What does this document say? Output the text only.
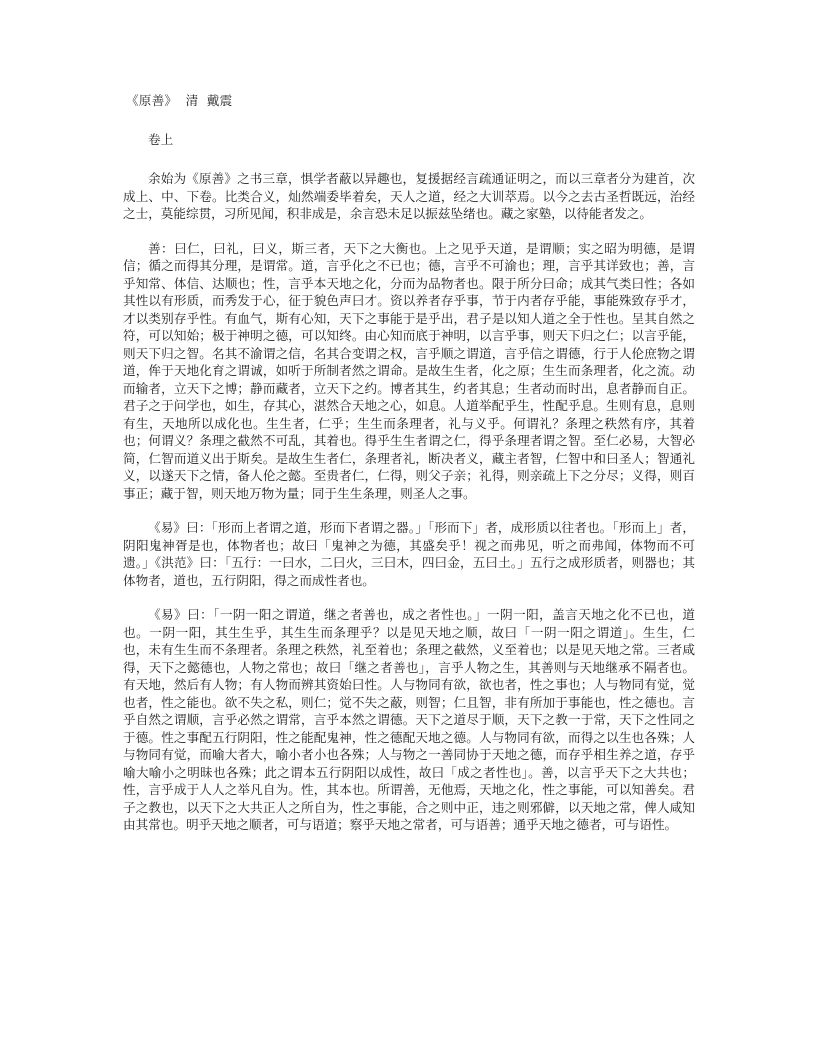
《原善》  清  戴震
卷上

余始为《原善》之书三章，惧学者蔽以异趣也，复援据经言疏通证明之，而以三章者分为建首，次成上、中、下卷。比类合义，灿然端委毕着矣，天人之道，经之大训萃焉。以今之去古圣哲既远，治经之士，莫能综贯，习所见闻，积非成是，余言恐未足以振兹坠绪也。藏之家塾，以待能者发之。

善：曰仁，曰礼，曰义，斯三者，天下之大衡也。上之见乎天道，是谓顺；实之昭为明德，是谓信；循之而得其分理，是谓常。道，言乎化之不已也；德，言乎不可渝也；理，言乎其详致也；善，言乎知常、体信、达顺也；性，言乎本天地之化，分而为品物者也。限于所分曰命；成其气类曰性；各如其性以有形质，而秀发于心，征于貌色声曰才。资以养者存乎事，节于内者存乎能，事能殊致存乎才，才以类别存乎性。有血气，斯有心知，天下之事能于是乎出，君子是以知人道之全于性也。呈其自然之符，可以知始；极于神明之德，可以知终。由心知而底于神明，以言乎事，则天下归之仁；以言乎能，则天下归之智。名其不渝谓之信，名其合变谓之权，言乎顺之谓道，言乎信之谓德，行于人伦庶物之谓道，侔于天地化育之谓诚，如听于所制者然之谓命。是故生生者，化之原；生生而条理者，化之流。动而输者，立天下之博；静而藏者，立天下之约。博者其生，约者其息；生者动而时出，息者静而自正。君子之于问学也，如生，存其心，湛然合天地之心，如息。人道举配乎生，性配乎息。生则有息，息则有生，天地所以成化也。生生者，仁乎；生生而条理者，礼与义乎。何谓礼？条理之秩然有序，其着也；何谓义？条理之截然不可乱，其着也。得乎生生者谓之仁，得乎条理者谓之智。至仁必易，大智必简，仁智而道义出于斯矣。是故生生者仁，条理者礼，断决者义，藏主者智，仁智中和曰圣人；智通礼义，以遂天下之情，备人伦之懿。至贵者仁，仁得，则父子亲；礼得，则亲疏上下之分尽；义得，则百事正；藏于智，则天地万物为量；同于生生条理，则圣人之事。

《易》曰：「形而上者谓之道，形而下者谓之器。」「形而下」者，成形质以往者也。「形而上」者，阴阳鬼神胥是也，体物者也；故曰「鬼神之为德，其盛矣乎！视之而弗见，听之而弗闻，体物而不可遗。」《洪范》曰：「五行：一曰水，二曰火，三曰木，四曰金，五曰土。」五行之成形质者，则器也；其体物者，道也，五行阴阳，得之而成性者也。

《易》曰：「一阴一阳之谓道，继之者善也，成之者性也。」一阴一阳，盖言天地之化不已也，道也。一阴一阳，其生生乎，其生生而条理乎？以是见天地之顺，故曰「一阴一阳之谓道」。生生，仁也，未有生生而不条理者。条理之秩然，礼至着也；条理之截然，义至着也；以是见天地之常。三者咸得，天下之懿德也，人物之常也；故曰「继之者善也」，言乎人物之生，其善则与天地继承不隔者也。有天地，然后有人物；有人物而辨其资始曰性。人与物同有欲，欲也者，性之事也；人与物同有觉，觉也者，性之能也。欲不失之私，则仁；觉不失之蔽，则智；仁且智，非有所加于事能也，性之德也。言乎自然之谓顺，言乎必然之谓常，言乎本然之谓德。天下之道尽于顺，天下之教一于常，天下之性同之于德。性之事配五行阴阳，性之能配鬼神，性之德配天地之德。人与物同有欲，而得之以生也各殊；人与物同有觉，而喻大者大，喻小者小也各殊；人与物之一善同协于天地之德，而存乎相生养之道，存乎喻大喻小之明昧也各殊；此之谓本五行阴阳以成性，故曰「成之者性也」。善，以言乎天下之大共也；性，言乎成于人人之举凡自为。性，其本也。所谓善，无他焉，天地之化，性之事能，可以知善矣。君子之教也，以天下之大共正人之所自为，性之事能，合之则中正，违之则邪僻，以天地之常，俾人咸知由其常也。明乎天地之顺者，可与语道；察乎天地之常者，可与语善；通乎天地之德者，可与语性。
